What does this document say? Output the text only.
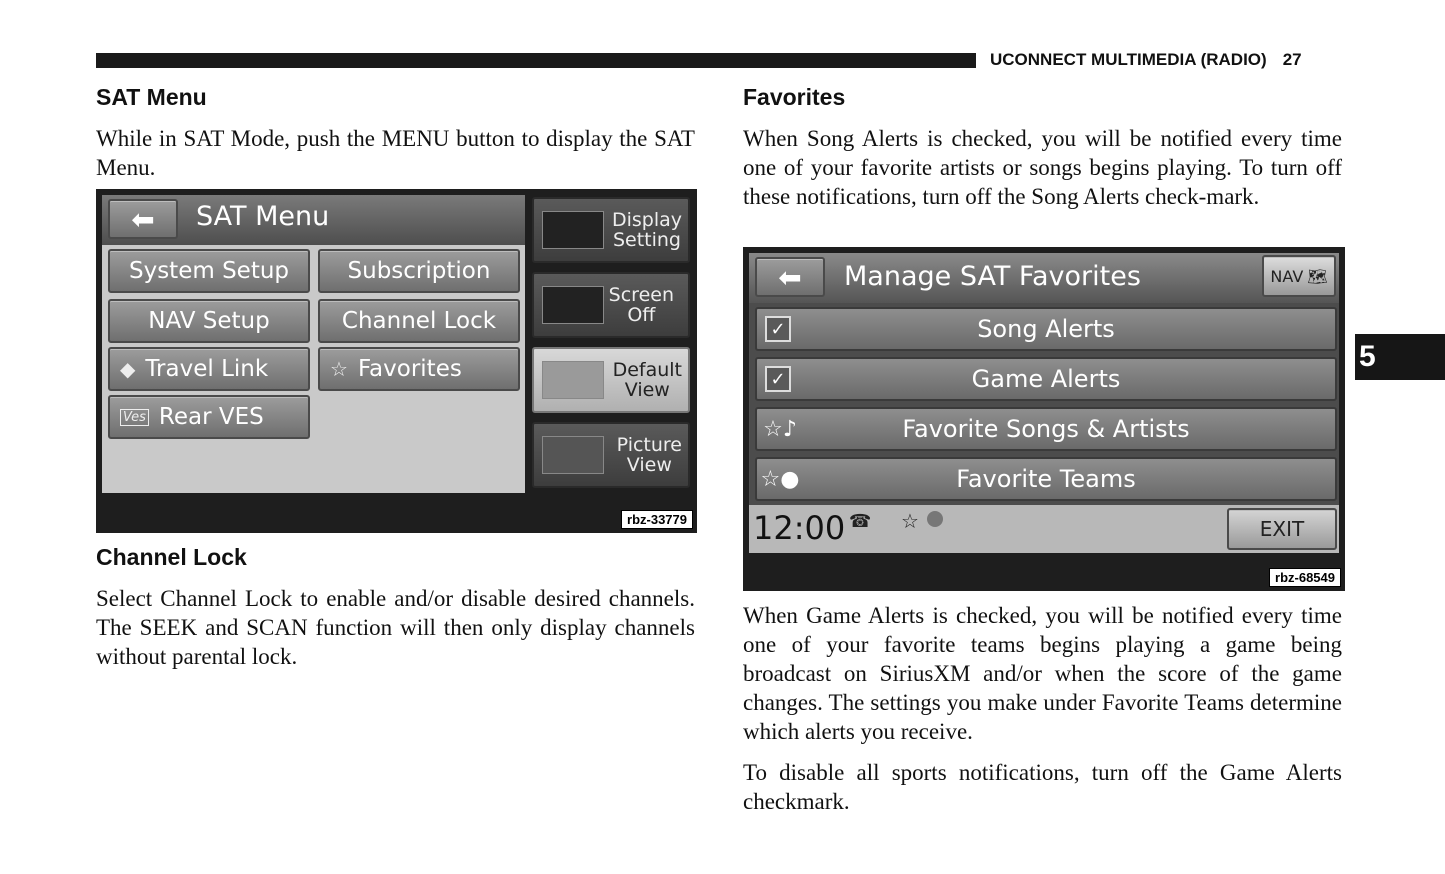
UCONNECT MULTIMEDIA (RADIO) 27
5
SAT Menu

While in SAT Mode, push the MENU button to display the SAT Menu.

⬅ SAT Menu
System Setup	Subscription
NAV Setup	Channel Lock
◆ Travel Link	☆ Favorites
Ves Rear VES
Display
Setting
Screen
Off
Default
View
Picture
View
rbz-33779
Channel Lock

Select Channel Lock to enable and/or disable desired channels. The SEEK and SCAN function will then only display channels without parental lock.

Favorites

When Song Alerts is checked, you will be notified every time one of your favorite artists or songs begins playing. To turn off these notifications, turn off the Song Alerts check-mark.

⬅ Manage SAT Favorites	NAV 🗺
✓	Song Alerts
✓	Game Alerts
☆♪	Favorite Songs & Artists
☆●	Favorite Teams
12:00 ☎ ☆	EXIT
rbz-68549

When Game Alerts is checked, you will be notified every time one of your favorite teams begins playing a game being broadcast on SiriusXM and/or when the score of the game changes. The settings you make under Favorite Teams determine which alerts you receive.

To disable all sports notifications, turn off the Game Alerts checkmark.
